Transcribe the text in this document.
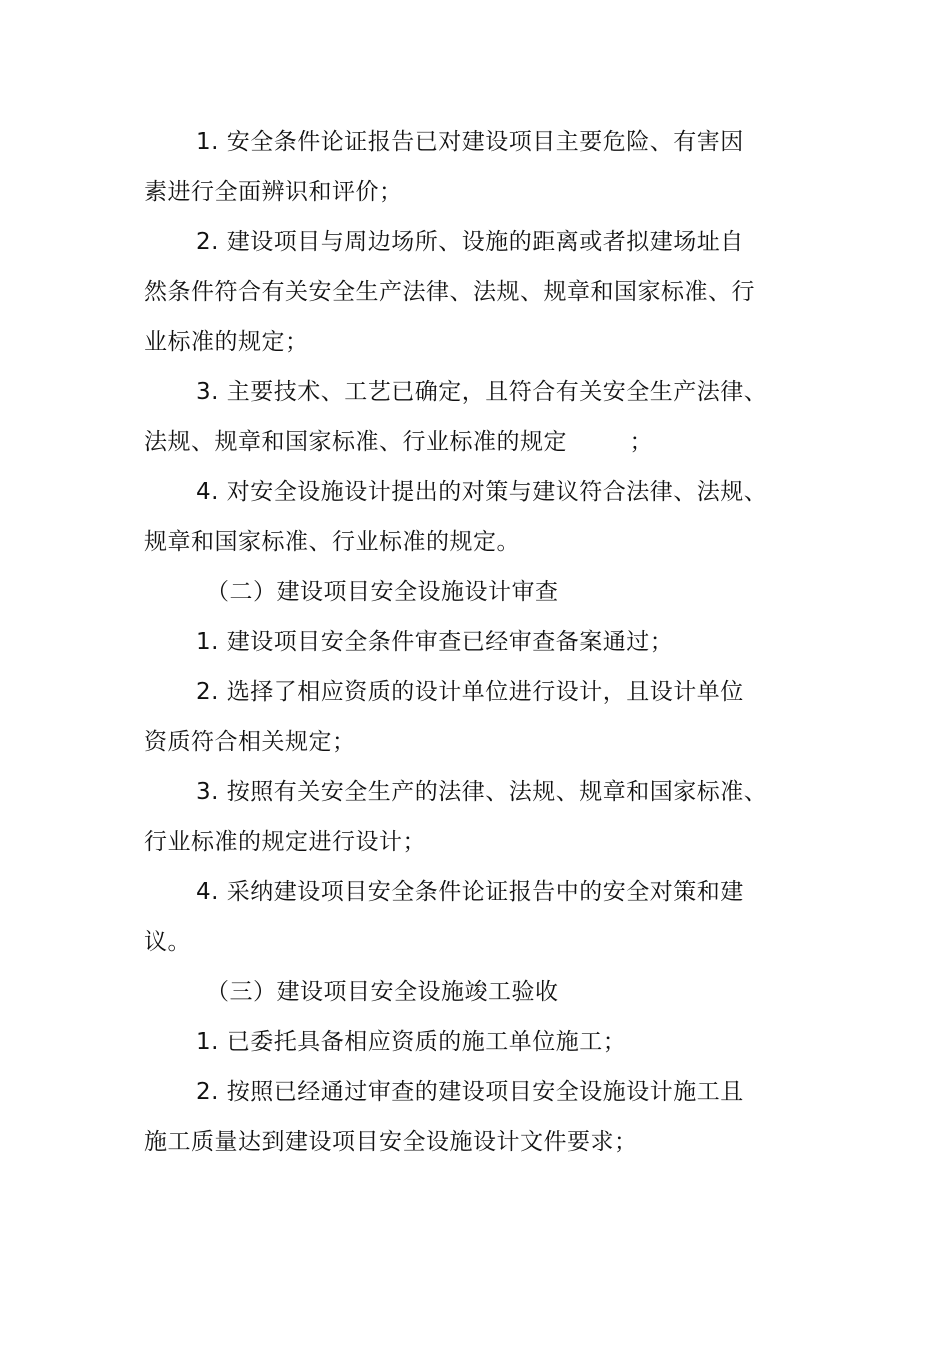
1. 安全条件论证报告已对建设项目主要危险、有害因
素进行全面辨识和评价；
2. 建设项目与周边场所、设施的距离或者拟建场址自
然条件符合有关安全生产法律、法规、规章和国家标准、行
业标准的规定；
3. 主要技术、工艺已确定，且符合有关安全生产法律、
法规、规章和国家标准、行业标准的规定        ；
4. 对安全设施设计提出的对策与建议符合法律、法规、
规章和国家标准、行业标准的规定。
（二）建设项目安全设施设计审查
1. 建设项目安全条件审查已经审查备案通过；
2. 选择了相应资质的设计单位进行设计，且设计单位
资质符合相关规定；
3. 按照有关安全生产的法律、法规、规章和国家标准、
行业标准的规定进行设计；
4. 采纳建设项目安全条件论证报告中的安全对策和建
议。
（三）建设项目安全设施竣工验收
1. 已委托具备相应资质的施工单位施工；
2. 按照已经通过审查的建设项目安全设施设计施工且
施工质量达到建设项目安全设施设计文件要求；
